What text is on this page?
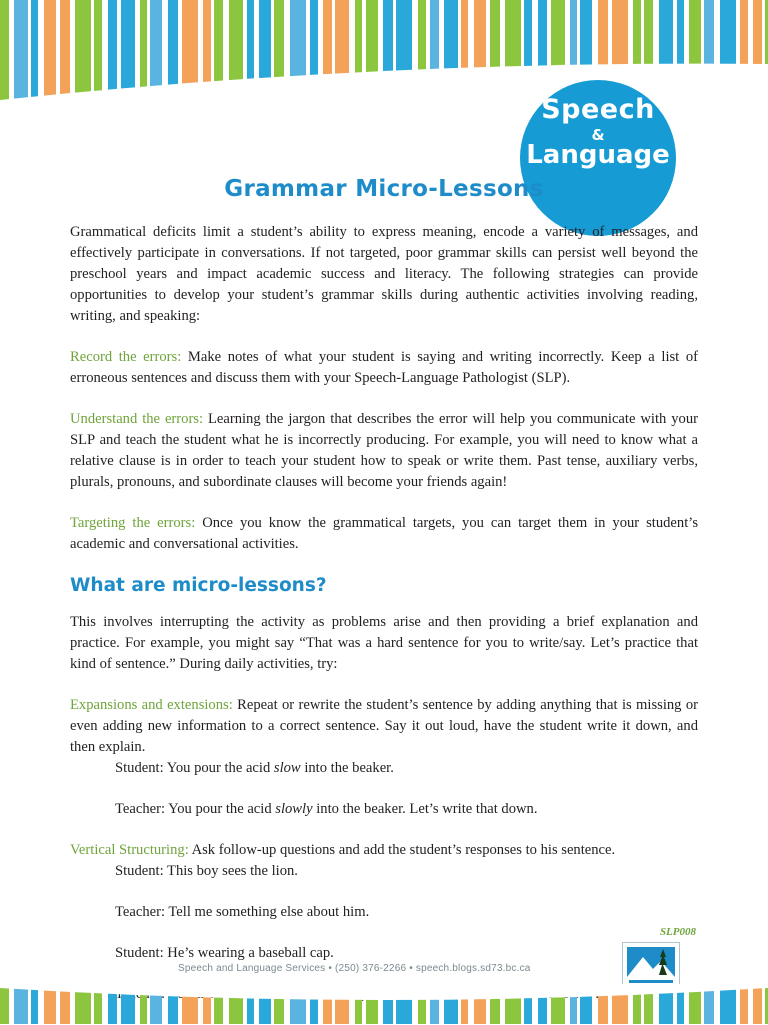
Speech
&
Language
Grammar Micro-Lessons

Grammatical deficits limit a student’s ability to express meaning, encode a variety of messages, and effectively participate in conversations. If not targeted, poor grammar skills can persist well beyond the preschool years and impact academic success and literacy. The following strategies can provide opportunities to develop your student’s grammar skills during authentic activities involving reading, writing, and speaking:

Record the errors: Make notes of what your student is saying and writing incorrectly. Keep a list of erroneous sentences and discuss them with your Speech-Language Pathologist (SLP).

Understand the errors: Learning the jargon that describes the error will help you communicate with your SLP and teach the student what he is incorrectly producing. For example, you will need to know what a relative clause is in order to teach your student how to speak or write them. Past tense, auxiliary verbs, plurals, pronouns, and subordinate clauses will become your friends again!

Targeting the errors: Once you know the grammatical targets, you can target them in your student’s academic and conversational activities.

What are micro-lessons?

This involves interrupting the activity as problems arise and then providing a brief explanation and practice. For example, you might say “That was a hard sentence for you to write/say. Let’s practice that kind of sentence.” During daily activities, try:

Expansions and extensions: Repeat or rewrite the student’s sentence by adding anything that is missing or even adding new information to a correct sentence. Say it out loud, have the student write it down, and then explain.

Student: You pour the acid slow into the beaker.

Teacher: You pour the acid slowly into the beaker. Let’s write that down.

Vertical Structuring: Ask follow-up questions and add the student’s responses to his sentence.

Student: This boy sees the lion.

Teacher: Tell me something else about him.

Student: He’s wearing a baseball cap.

SLP008
Speech and Language Services • (250) 376-2266 • speech.blogs.sd73.bc.ca
